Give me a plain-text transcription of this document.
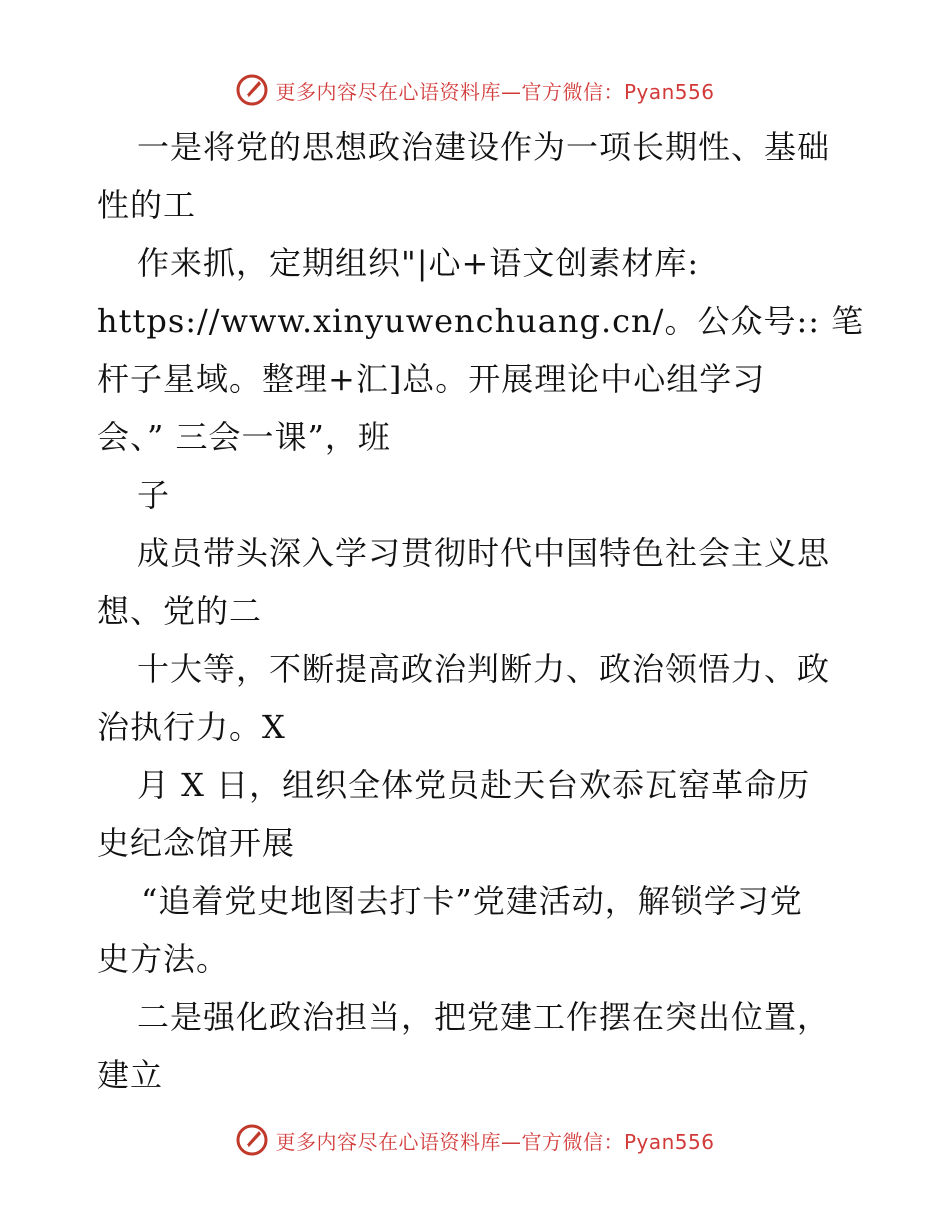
更多内容尽在心语资料库—官方微信：Pyan556
一是将党的思想政治建设作为一项长期性、基础
性的工
作来抓，定期组织"|心+语文创素材库:
https://www.xinyuwenchuang.cn/。公众号:: 笔
杆子星域。整理+汇]总。开展理论中心组学习
会、” 三会一课”，班
子
成员带头深入学习贯彻时代中国特色社会主义思
想、党的二
十大等，不断提高政治判断力、政治领悟力、政
治执行力。X
月 X 日，组织全体党员赴天台欢忝瓦窑革命历
史纪念馆开展
“追着党史地图去打卡”党建活动，解锁学习党
史方法。
二是强化政治担当，把党建工作摆在突出位置，
建立
更多内容尽在心语资料库—官方微信：Pyan556
